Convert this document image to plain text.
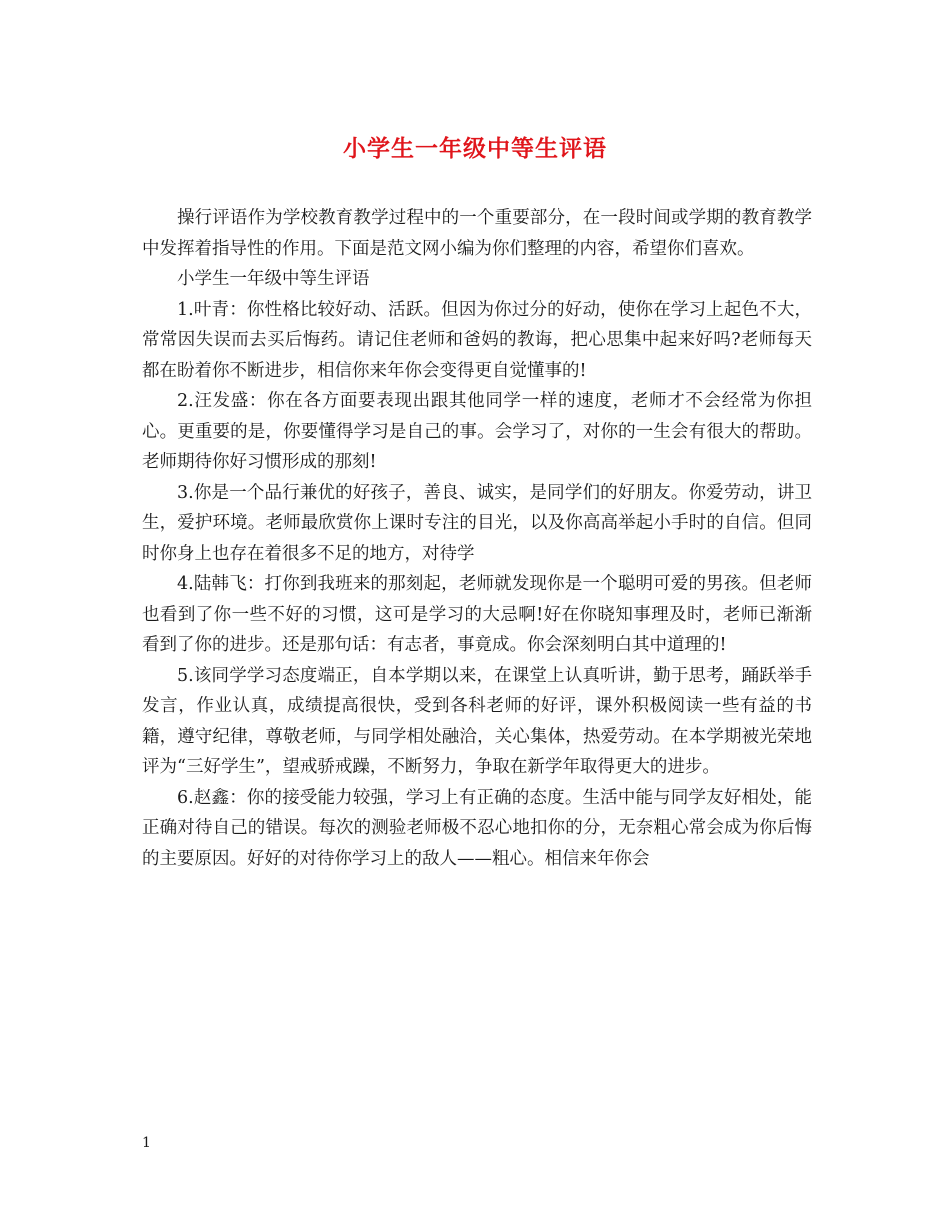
小学生一年级中等生评语

操行评语作为学校教育教学过程中的一个重要部分，在一段时间或学期的教育教学中发挥着指导性的作用。下面是范文网小编为你们整理的内容，希望你们喜欢。

小学生一年级中等生评语

1.叶青：你性格比较好动、活跃。但因为你过分的好动，使你在学习上起色不大，常常因失误而去买后悔药。请记住老师和爸妈的教诲，把心思集中起来好吗?老师每天都在盼着你不断进步，相信你来年你会变得更自觉懂事的!

2.汪发盛：你在各方面要表现出跟其他同学一样的速度，老师才不会经常为你担心。更重要的是，你要懂得学习是自己的事。会学习了，对你的一生会有很大的帮助。老师期待你好习惯形成的那刻!

3.你是一个品行兼优的好孩子，善良、诚实，是同学们的好朋友。你爱劳动，讲卫生，爱护环境。老师最欣赏你上课时专注的目光，以及你高高举起小手时的自信。但同时你身上也存在着很多不足的地方，对待学

4.陆韩飞：打你到我班来的那刻起，老师就发现你是一个聪明可爱的男孩。但老师也看到了你一些不好的习惯，这可是学习的大忌啊!好在你晓知事理及时，老师已渐渐看到了你的进步。还是那句话：有志者，事竟成。你会深刻明白其中道理的!

5.该同学学习态度端正，自本学期以来，在课堂上认真听讲，勤于思考，踊跃举手发言，作业认真，成绩提高很快，受到各科老师的好评，课外积极阅读一些有益的书籍，遵守纪律，尊敬老师，与同学相处融洽，关心集体，热爱劳动。在本学期被光荣地评为“三好学生”，望戒骄戒躁，不断努力，争取在新学年取得更大的进步。

6.赵鑫：你的接受能力较强，学习上有正确的态度。生活中能与同学友好相处，能正确对待自己的错误。每次的测验老师极不忍心地扣你的分，无奈粗心常会成为你后悔的主要原因。好好的对待你学习上的敌人——粗心。相信来年你会

1
